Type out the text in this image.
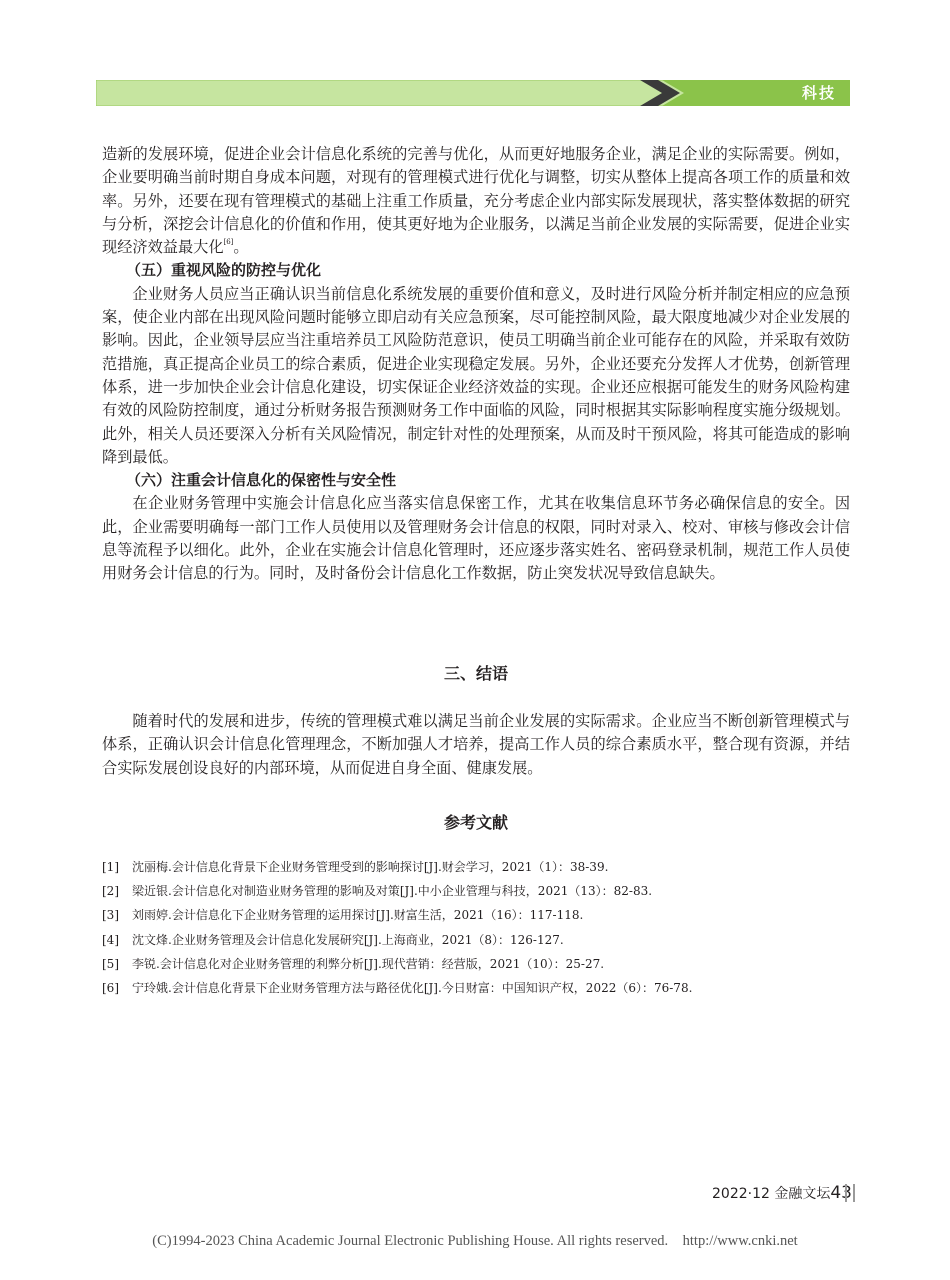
科技

造新的发展环境，促进企业会计信息化系统的完善与优化，从而更好地服务企业，满足企业的实际需要。例如，企业要明确当前时期自身成本问题，对现有的管理模式进行优化与调整，切实从整体上提高各项工作的质量和效率。另外，还要在现有管理模式的基础上注重工作质量，充分考虑企业内部实际发展现状，落实整体数据的研究与分析，深挖会计信息化的价值和作用，使其更好地为企业服务，以满足当前企业发展的实际需要，促进企业实现经济效益最大化[6]。

（五）重视风险的防控与优化

企业财务人员应当正确认识当前信息化系统发展的重要价值和意义，及时进行风险分析并制定相应的应急预案，使企业内部在出现风险问题时能够立即启动有关应急预案，尽可能控制风险，最大限度地减少对企业发展的影响。因此，企业领导层应当注重培养员工风险防范意识，使员工明确当前企业可能存在的风险，并采取有效防范措施，真正提高企业员工的综合素质，促进企业实现稳定发展。另外，企业还要充分发挥人才优势，创新管理体系，进一步加快企业会计信息化建设，切实保证企业经济效益的实现。企业还应根据可能发生的财务风险构建有效的风险防控制度，通过分析财务报告预测财务工作中面临的风险，同时根据其实际影响程度实施分级规划。此外，相关人员还要深入分析有关风险情况，制定针对性的处理预案，从而及时干预风险，将其可能造成的影响降到最低。

（六）注重会计信息化的保密性与安全性

在企业财务管理中实施会计信息化应当落实信息保密工作，尤其在收集信息环节务必确保信息的安全。因此，企业需要明确每一部门工作人员使用以及管理财务会计信息的权限，同时对录入、校对、审核与修改会计信息等流程予以细化。此外，企业在实施会计信息化管理时，还应逐步落实姓名、密码登录机制，规范工作人员使用财务会计信息的行为。同时，及时备份会计信息化工作数据，防止突发状况导致信息缺失。

三、结语

随着时代的发展和进步，传统的管理模式难以满足当前企业发展的实际需求。企业应当不断创新管理模式与体系，正确认识会计信息化管理理念，不断加强人才培养，提高工作人员的综合素质水平，整合现有资源，并结合实际发展创设良好的内部环境，从而促进自身全面、健康发展。

参考文献
[1] 沈丽梅.会计信息化背景下企业财务管理受到的影响探讨[J].财会学习，2021（1）：38-39.
[2] 梁近银.会计信息化对制造业财务管理的影响及对策[J].中小企业管理与科技，2021（13）：82-83.
[3] 刘雨婷.会计信息化下企业财务管理的运用探讨[J].财富生活，2021（16）：117-118.
[4] 沈文烽.企业财务管理及会计信息化发展研究[J].上海商业，2021（8）：126-127.
[5] 李锐.会计信息化对企业财务管理的利弊分析[J].现代营销：经营版，2021（10）：25-27.
[6] 宁玲娥.会计信息化背景下企业财务管理方法与路径优化[J].今日财富：中国知识产权，2022（6）：76-78.
2022·12 金融文坛43
(C)1994-2023 China Academic Journal Electronic Publishing House. All rights reserved.    http://www.cnki.net
